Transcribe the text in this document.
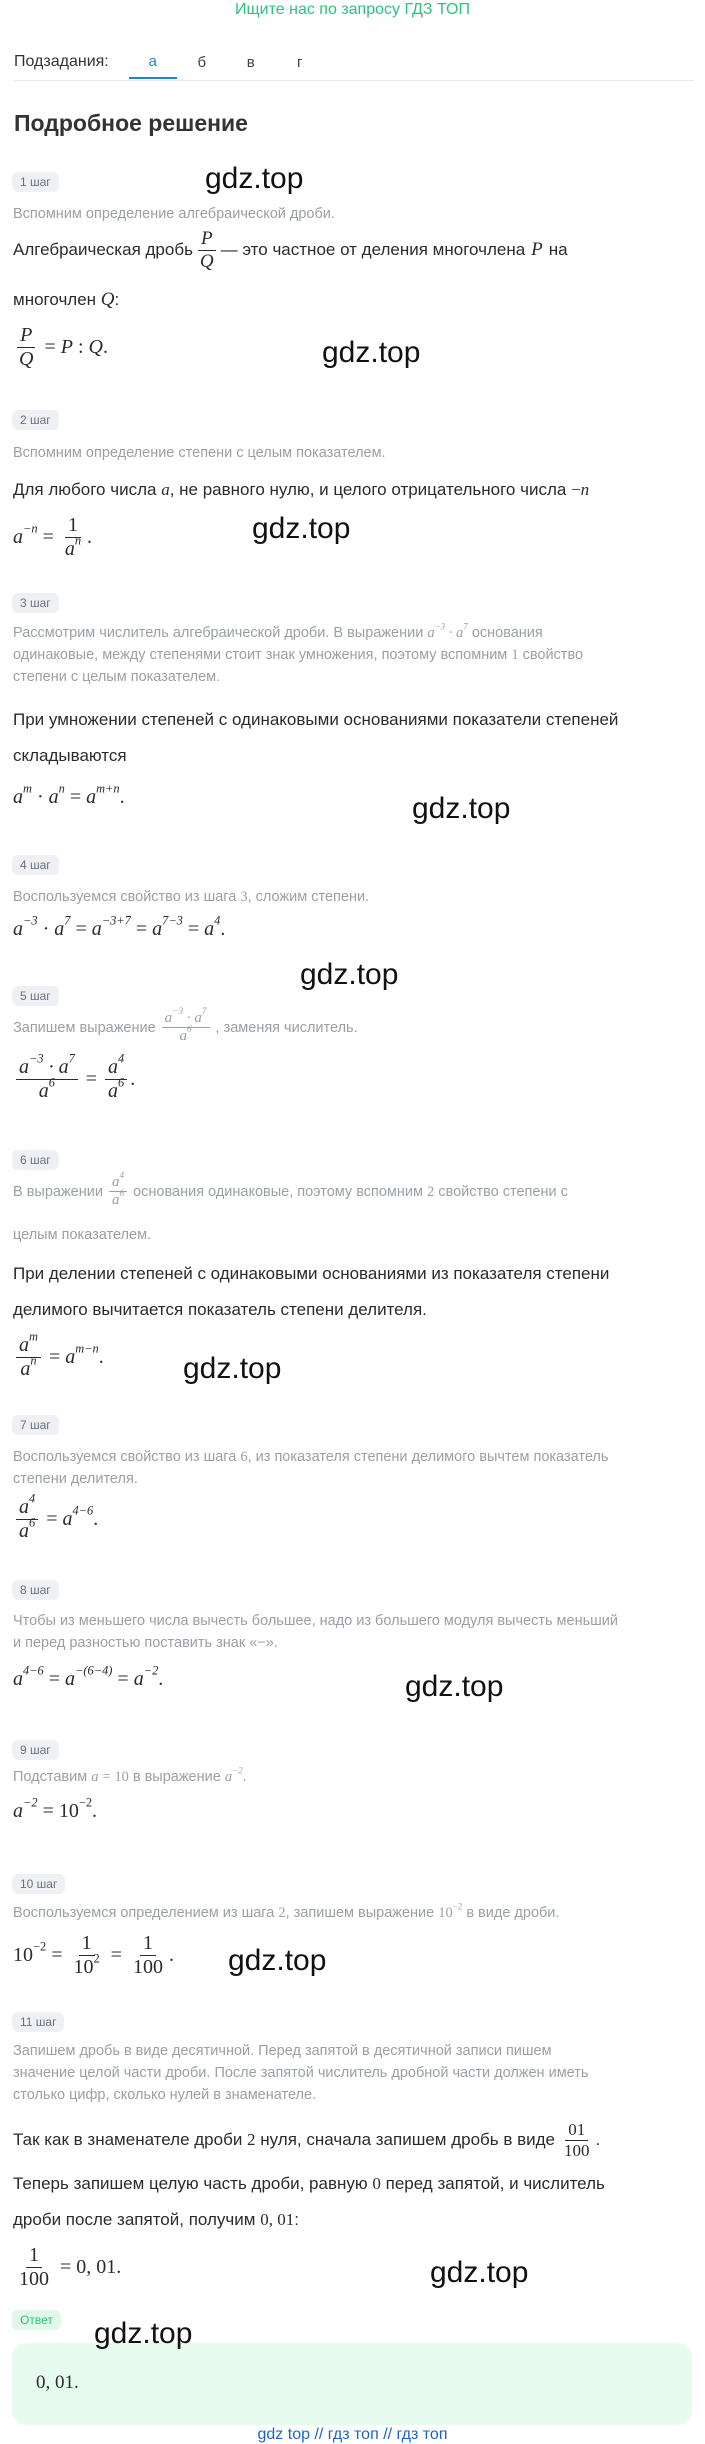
Ищите нас по запросу ГДЗ ТОП
Подзадания:	а	б	в	г
Подробное решение
1 шаг	gdz.top
Вспомним определение алгебраической дроби.
Алгебраическая дробь $\frac{P}{Q}$ — это частное от деления многочлена P на
многочлен Q:
$\frac{P}{Q} = P$ : Q .	gdz.top
2 шаг
Вспомним определение степени с целым показателем.
Для любого числа a, не равного нулю, и целого отрицательного числа −n
$a^{-n} = \frac{1}{a^n}$ .	gdz.top
3 шаг
Рассмотрим числитель алгебраической дроби. В выражении $a^{-3} \cdot a^7$ основания
одинаковые, между степенями стоит знак умножения, поэтому вспомним 1 свойство
степени с целым показателем.
При умножении степеней с одинаковыми основаниями показатели степеней
складываются
$a^m \cdot a^n = a^{m+n}$ .	gdz.top
4 шаг
Воспользуемся свойство из шага 3, сложим степени.
$a^{-3} \cdot a^7 = a^{-3+7} = a^{7-3} = a^4$ .
gdz.top
5 шаг
Запишем выражение $\frac{a^{-3} \cdot a^7}{a^6}$ , заменяя числитель.
$\frac{a^{-3} \cdot a^7}{a^6} = \frac{a^4}{a^6}$ .
6 шаг
В выражении $\frac{a^4}{a^6}$ основания одинаковые, поэтому вспомним
2
свойство степени с
целым показателем.
При делении степеней с одинаковыми основаниями из показателя степени
делимого вычитается показатель степени делителя.
$\frac{a^m}{a^n} = a^{m-n}$ .	gdz.top
7 шаг
Воспользуемся свойство из шага 6, из показателя степени делимого вычтем показатель
степени делителя.
$\frac{a^4}{a^6} = a^{4-6}$ .
8 шаг
Чтобы из меньшего числа вычесть большее, надо из большего модуля вычесть меньший
и перед разностью поставить знак «−».
$a^{4-6} = a^{-(6-4)} = a^{-2}$ .	gdz.top
9 шаг
Подставим a = 10 в выражение $a^{-2}$.
$a^{-2} = 10^{-2}$.
10 шаг
Воспользуемся определением из шага 2, запишем выражение $10^{-2}$ в виде дроби.
$10^{-2} = \frac{1}{10^2} = \frac{1}{100}$ . gdz.top
11 шаг
Запишем дробь в виде десятичной. Перед запятой в десятичной записи пишем
значение целой части дроби. После запятой числитель дробной части должен иметь
столько цифр, сколько нулей в знаменателе.
Так как в знаменателе дроби
2
нуля, сначала запишем дробь в виде $\frac{01}{100}$ .
Теперь запишем целую часть дроби, равную 0 перед запятой, и числитель
дроби после запятой, получим 0, 01:
$\frac{1}{100} = 0$, 01.	gdz.top
Ответ gdz.top
0, 01.
gdz top // гдз топ // гдз топ
